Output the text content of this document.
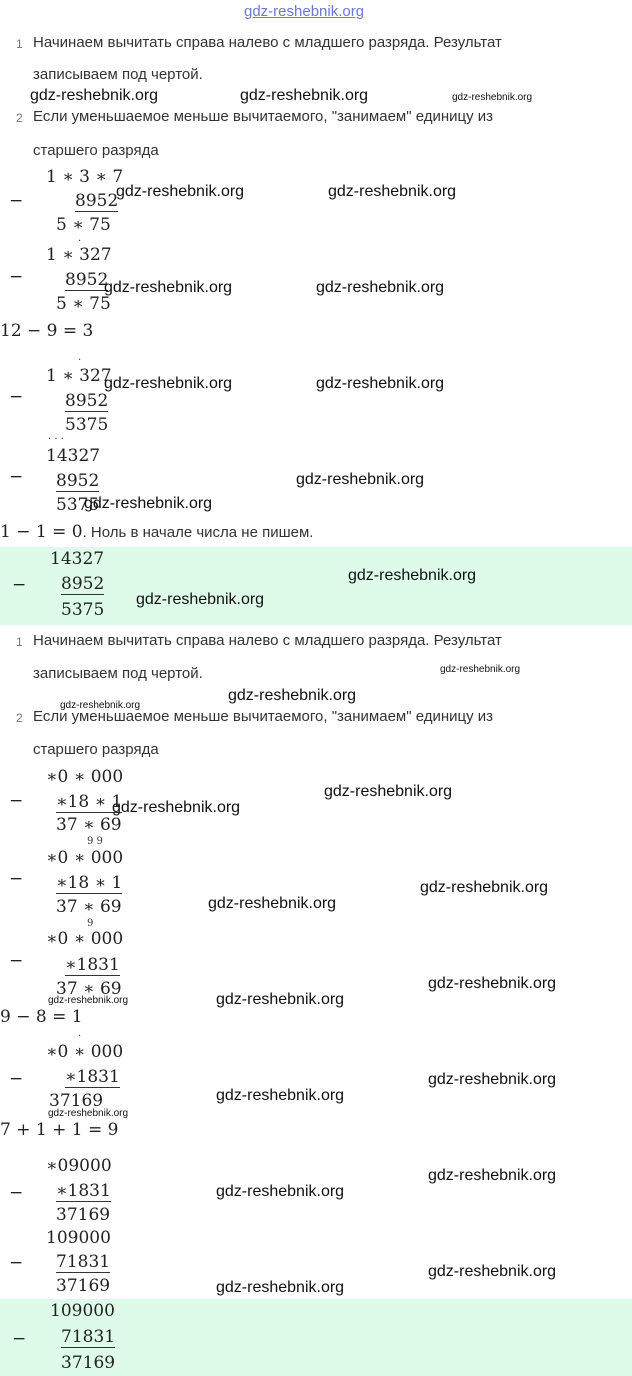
gdz-reshebnik.org
1 Начинаем вычитать справа налево с младшего разряда. Результат
записываем под чертой.
gdz-reshebnik.org	gdz-reshebnik.org	gdz-reshebnik.org
2 Если уменьшаемое меньше вычитаемого, "занимаем" единицу из
старшего разряда
1 ∗ 3 ∗ 7
−	8952
5 ∗ 75
gdz-reshebnik.org	gdz-reshebnik.org
·
1 ∗ 327
− 8952
5 ∗ 75
gdz-reshebnik.org	gdz-reshebnik.org
12 − 9 = 3
·
1 ∗ 327
− 8952
5375
gdz-reshebnik.org	gdz-reshebnik.org
· · ·
14327
− 8952
5375
gdz-reshebnik.org
gdz-reshebnik.org
1 − 1 = 0. Ноль в начале числа не пишем.
14327
− 8952
5375
gdz-reshebnik.org
gdz-reshebnik.org
1 Начинаем вычитать справа налево с младшего разряда. Результат
записываем под чертой.	gdz-reshebnik.org
gdz-reshebnik.org
gdz-reshebnik.org
2 Если уменьшаемое меньше вычитаемого, "занимаем" единицу из
старшего разряда
∗0 ∗ 000
− ∗18 ∗ 1
37 ∗ 69
gdz-reshebnik.org
gdz-reshebnik.org
9 9
∗0 ∗ 000
− ∗18 ∗ 1
37 ∗ 69	gdz-reshebnik.org
gdz-reshebnik.org
9
∗0 ∗ 000
− ∗1831
37 ∗ 69
gdz-reshebnik.org	gdz-reshebnik.org
gdz-reshebnik.org
9 − 8 = 1
·
∗0 ∗ 000
− ∗1831
37169
gdz-reshebnik.org
gdz-reshebnik.org
gdz-reshebnik.org
7 + 1 + 1 = 9
∗09000
− ∗1831
37169
gdz-reshebnik.org
gdz-reshebnik.org
109000
− 71831
37169	gdz-reshebnik.org
gdz-reshebnik.org
109000
− 71831
37169
